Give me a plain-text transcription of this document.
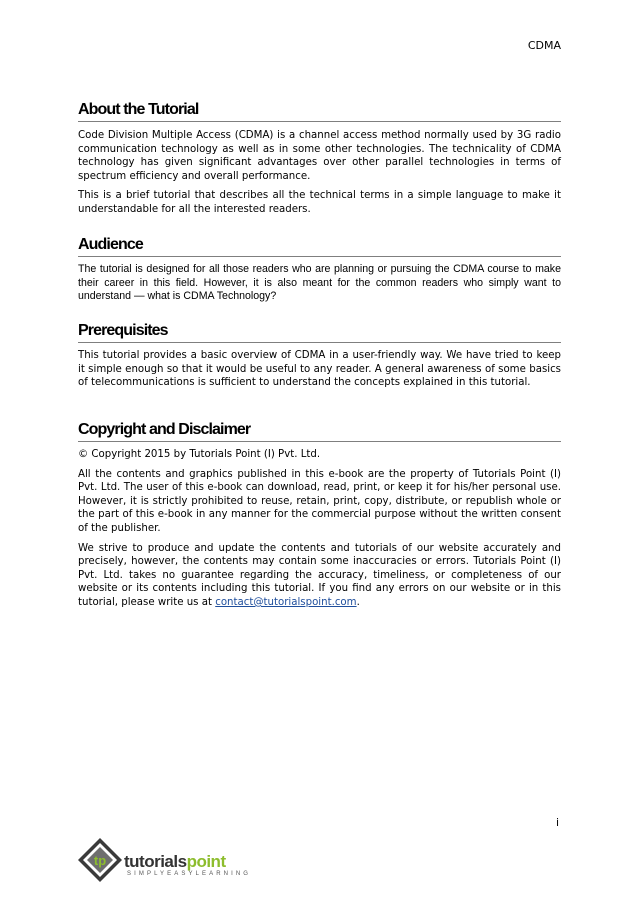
CDMA
About the Tutorial

Code Division Multiple Access (CDMA) is a channel access method normally used by 3G radio communication technology as well as in some other technologies. The technicality of CDMA technology has given significant advantages over other parallel technologies in terms of spectrum efficiency and overall performance.

This is a brief tutorial that describes all the technical terms in a simple language to make it understandable for all the interested readers.

Audience

The tutorial is designed for all those readers who are planning or pursuing the CDMA course to make their career in this field. However, it is also meant for the common readers who simply want to understand — what is CDMA Technology?

Prerequisites

This tutorial provides a basic overview of CDMA in a user-friendly way. We have tried to keep it simple enough so that it would be useful to any reader. A general awareness of some basics of telecommunications is sufficient to understand the concepts explained in this tutorial.

Copyright and Disclaimer

© Copyright 2015 by Tutorials Point (I) Pvt. Ltd.

All the contents and graphics published in this e-book are the property of Tutorials Point (I) Pvt. Ltd. The user of this e-book can download, read, print, or keep it for his/her personal use. However, it is strictly prohibited to reuse, retain, print, copy, distribute, or republish whole or the part of this e-book in any manner for the commercial purpose without the written consent of the publisher.

We strive to produce and update the contents and tutorials of our website accurately and precisely, however, the contents may contain some inaccuracies or errors. Tutorials Point (I) Pvt. Ltd. takes no guarantee regarding the accuracy, timeliness, or completeness of our website or its contents including this tutorial. If you find any errors on our website or in this tutorial, please write us at contact@tutorialspoint.com.

i
tp tutorialspoint
SIMPLYEASYLEARNING
